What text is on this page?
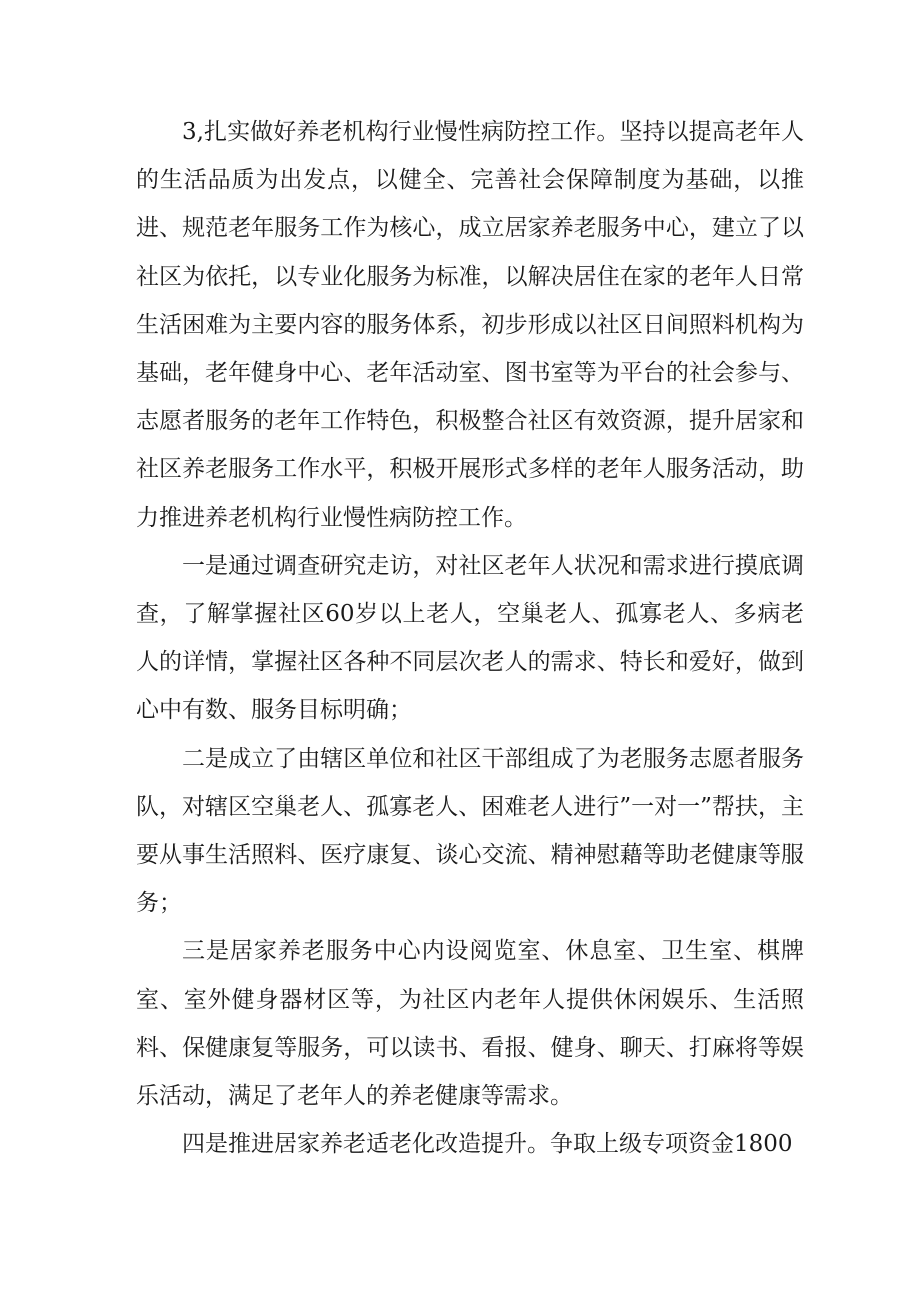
3,扎实做好养老机构行业慢性病防控工作。坚持以提高老年人的生活品质为出发点，以健全、完善社会保障制度为基础，以推进、规范老年服务工作为核心，成立居家养老服务中心，建立了以社区为依托，以专业化服务为标准，以解决居住在家的老年人日常生活困难为主要内容的服务体系，初步形成以社区日间照料机构为基础，老年健身中心、老年活动室、图书室等为平台的社会参与、志愿者服务的老年工作特色，积极整合社区有效资源，提升居家和社区养老服务工作水平，积极开展形式多样的老年人服务活动，助力推进养老机构行业慢性病防控工作。

一是通过调查研究走访，对社区老年人状况和需求进行摸底调查，了解掌握社区60岁以上老人，空巢老人、孤寡老人、多病老人的详情，掌握社区各种不同层次老人的需求、特长和爱好，做到心中有数、服务目标明确；

二是成立了由辖区单位和社区干部组成了为老服务志愿者服务队，对辖区空巢老人、孤寡老人、困难老人进行”一对一”帮扶，主要从事生活照料、医疗康复、谈心交流、精神慰藉等助老健康等服务；

三是居家养老服务中心内设阅览室、休息室、卫生室、棋牌室、室外健身器材区等，为社区内老年人提供休闲娱乐、生活照料、保健康复等服务，可以读书、看报、健身、聊天、打麻将等娱乐活动，满足了老年人的养老健康等需求。

四是推进居家养老适老化改造提升。争取上级专项资金1800
